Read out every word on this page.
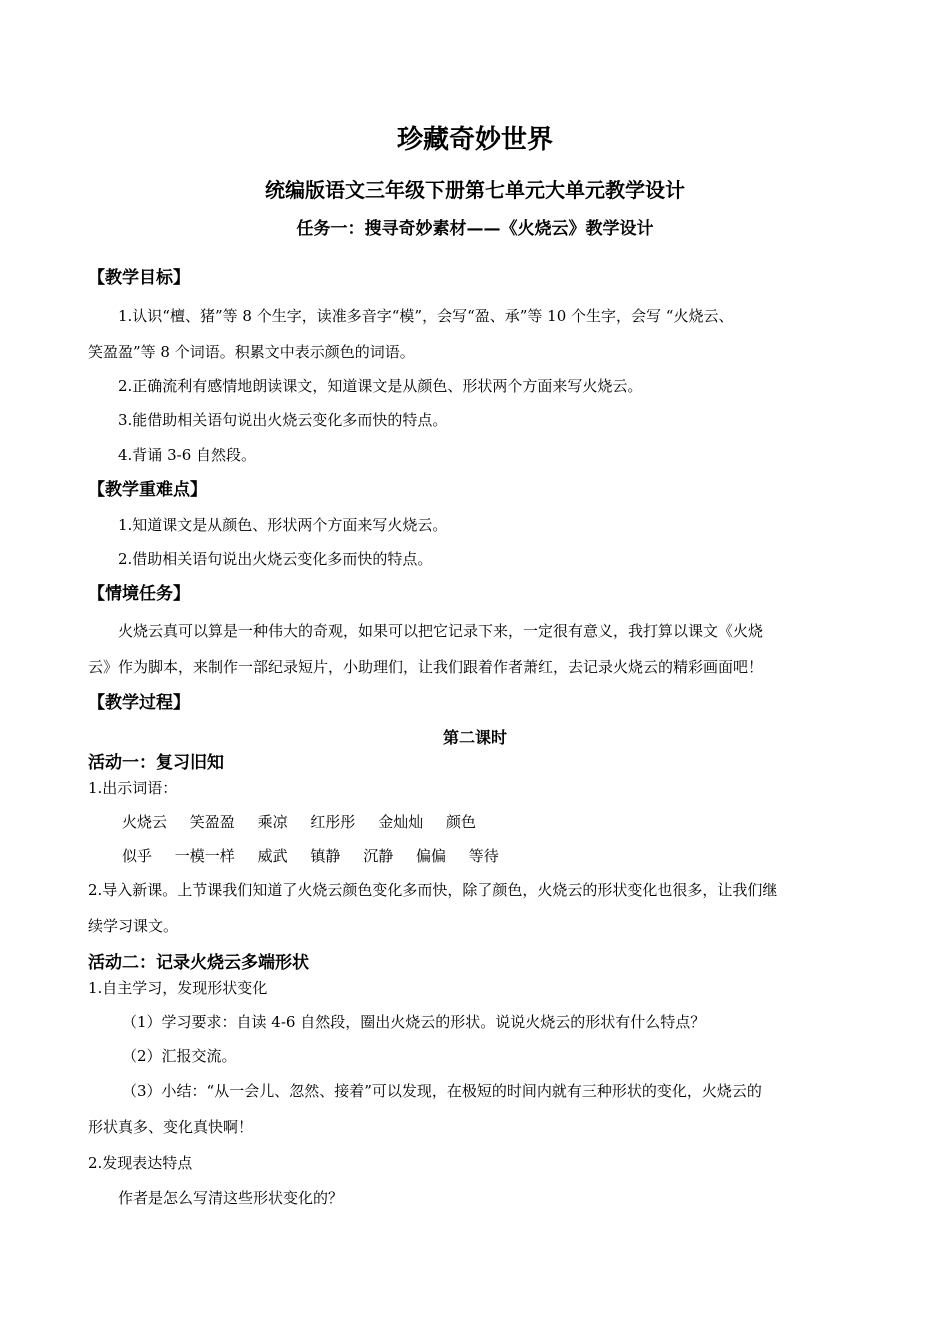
珍藏奇妙世界
统编版语文三年级下册第七单元大单元教学设计
任务一：搜寻奇妙素材——《火烧云》教学设计
【教学目标】
1.认识“檀、猪”等 8 个生字，读准多音字“模”，会写“盈、承”等 10 个生字，会写 “火烧云、
笑盈盈”等 8 个词语。积累文中表示颜色的词语。
2.正确流利有感情地朗读课文，知道课文是从颜色、形状两个方面来写火烧云。
3.能借助相关语句说出火烧云变化多而快的特点。
4.背诵 3-6 自然段。
【教学重难点】
1.知道课文是从颜色、形状两个方面来写火烧云。
2.借助相关语句说出火烧云变化多而快的特点。
【情境任务】
火烧云真可以算是一种伟大的奇观，如果可以把它记录下来，一定很有意义，我打算以课文《火烧
云》作为脚本，来制作一部纪录短片，小助理们，让我们跟着作者萧红，去记录火烧云的精彩画面吧！
【教学过程】
第二课时
活动一：复习旧知
1.出示词语：
火烧云 笑盈盈 乘凉 红彤彤 金灿灿 颜色
似乎 一模一样 威武 镇静 沉静 偏偏 等待
2.导入新课。上节课我们知道了火烧云颜色变化多而快，除了颜色，火烧云的形状变化也很多，让我们继
续学习课文。
活动二：记录火烧云多端形状
1.自主学习，发现形状变化
（1）学习要求：自读 4-6 自然段，圈出火烧云的形状。说说火烧云的形状有什么特点？
（2）汇报交流。
（3）小结：“从一会儿、忽然、接着”可以发现，在极短的时间内就有三种形状的变化，火烧云的
形状真多、变化真快啊！
2.发现表达特点
作者是怎么写清这些形状变化的？
